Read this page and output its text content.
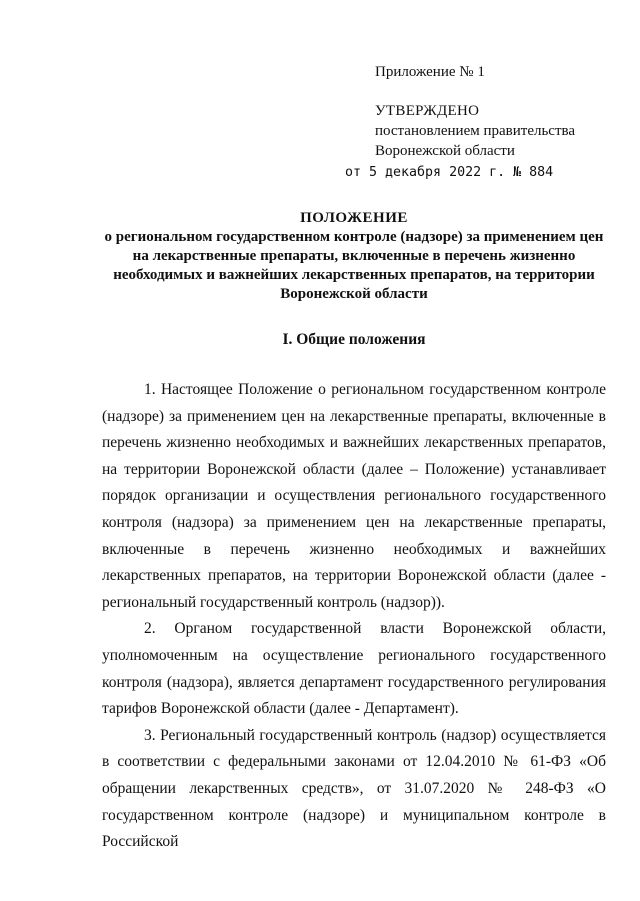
Приложение № 1
УТВЕРЖДЕНО
постановлением правительства
Воронежской области
от 5 декабря 2022 г. № 884
ПОЛОЖЕНИЕ
о региональном государственном контроле (надзоре) за применением цен
на лекарственные препараты, включенные в перечень жизненно
необходимых и важнейших лекарственных препаратов, на территории
Воронежской области
I. Общие положения

1. Настоящее Положение о региональном государственном контроле (надзоре) за применением цен на лекарственные препараты, включенные в перечень жизненно необходимых и важнейших лекарственных препаратов, на территории Воронежской области (далее – Положение) устанавливает порядок организации и осуществления регионального государственного контроля (надзора) за применением цен на лекарственные препараты, включенные в перечень жизненно необходимых и важнейших лекарственных препаратов, на территории Воронежской области (далее - региональный государственный контроль (надзор)).

2. Органом государственной власти Воронежской области, уполномоченным на осуществление регионального государственного контроля (надзора), является департамент государственного регулирования тарифов Воронежской области (далее - Департамент).

3. Региональный государственный контроль (надзор) осуществляется в соответствии с федеральными законами от 12.04.2010 № 61-ФЗ «Об обращении лекарственных средств», от 31.07.2020 № 248-ФЗ «О государственном контроле (надзоре) и муниципальном контроле в Российской
